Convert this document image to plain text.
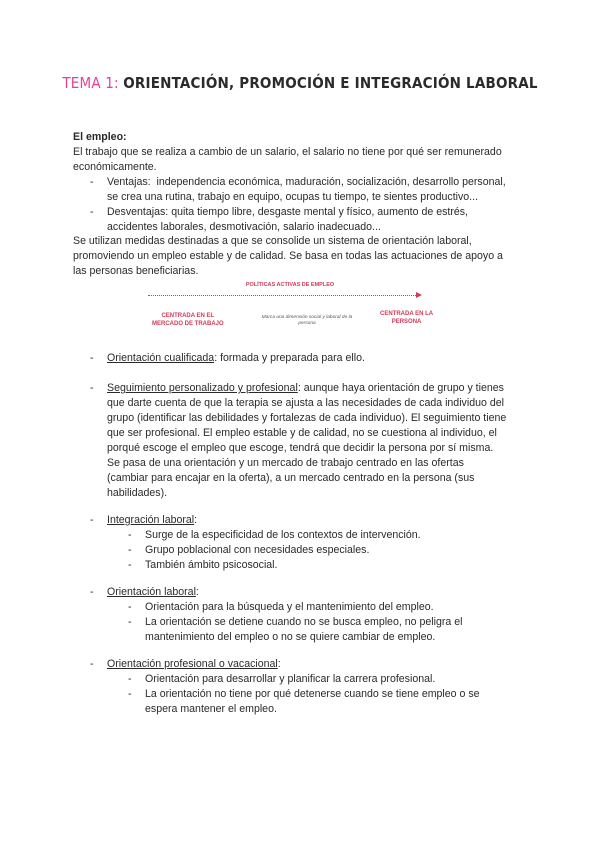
TEMA 1: ORIENTACIÓN, PROMOCIÓN E INTEGRACIÓN LABORAL
El empleo:
El trabajo que se realiza a cambio de un salario, el salario no tiene por qué ser remunerado
económicamente.
- Ventajas: independencia económica, maduración, socialización, desarrollo personal,
se crea una rutina, trabajo en equipo, ocupas tu tiempo, te sientes productivo...
- Desventajas: quita tiempo libre, desgaste mental y físico, aumento de estrés,
accidentes laborales, desmotivación, salario inadecuado...
Se utilizan medidas destinadas a que se consolide un sistema de orientación laboral,
promoviendo un empleo estable y de calidad. Se basa en todas las actuaciones de apoyo a
las personas beneficiarias.
POLÍTICAS ACTIVAS DE EMPLEO
CENTRADA EN EL
MERCADO DE TRABAJO
Marca una dimensión social y laboral de la
persona
CENTRADA EN LA
PERSONA
- Orientación cualificada: formada y preparada para ello.
- Seguimiento personalizado y profesional: aunque haya orientación de grupo y tienes
que darte cuenta de que la terapia se ajusta a las necesidades de cada individuo del
grupo (identificar las debilidades y fortalezas de cada individuo). El seguimiento tiene
que ser profesional. El empleo estable y de calidad, no se cuestiona al individuo, el
porqué escoge el empleo que escoge, tendrá que decidir la persona por sí misma.
Se pasa de una orientación y un mercado de trabajo centrado en las ofertas
(cambiar para encajar en la oferta), a un mercado centrado en la persona (sus
habilidades).
- Integración laboral:
- Surge de la especificidad de los contextos de intervención.
- Grupo poblacional con necesidades especiales.
- También ámbito psicosocial.
- Orientación laboral:
- Orientación para la búsqueda y el mantenimiento del empleo.
- La orientación se detiene cuando no se busca empleo, no peligra el
mantenimiento del empleo o no se quiere cambiar de empleo.
- Orientación profesional o vacacional:
- Orientación para desarrollar y planificar la carrera profesional.
- La orientación no tiene por qué detenerse cuando se tiene empleo o se
espera mantener el empleo.
